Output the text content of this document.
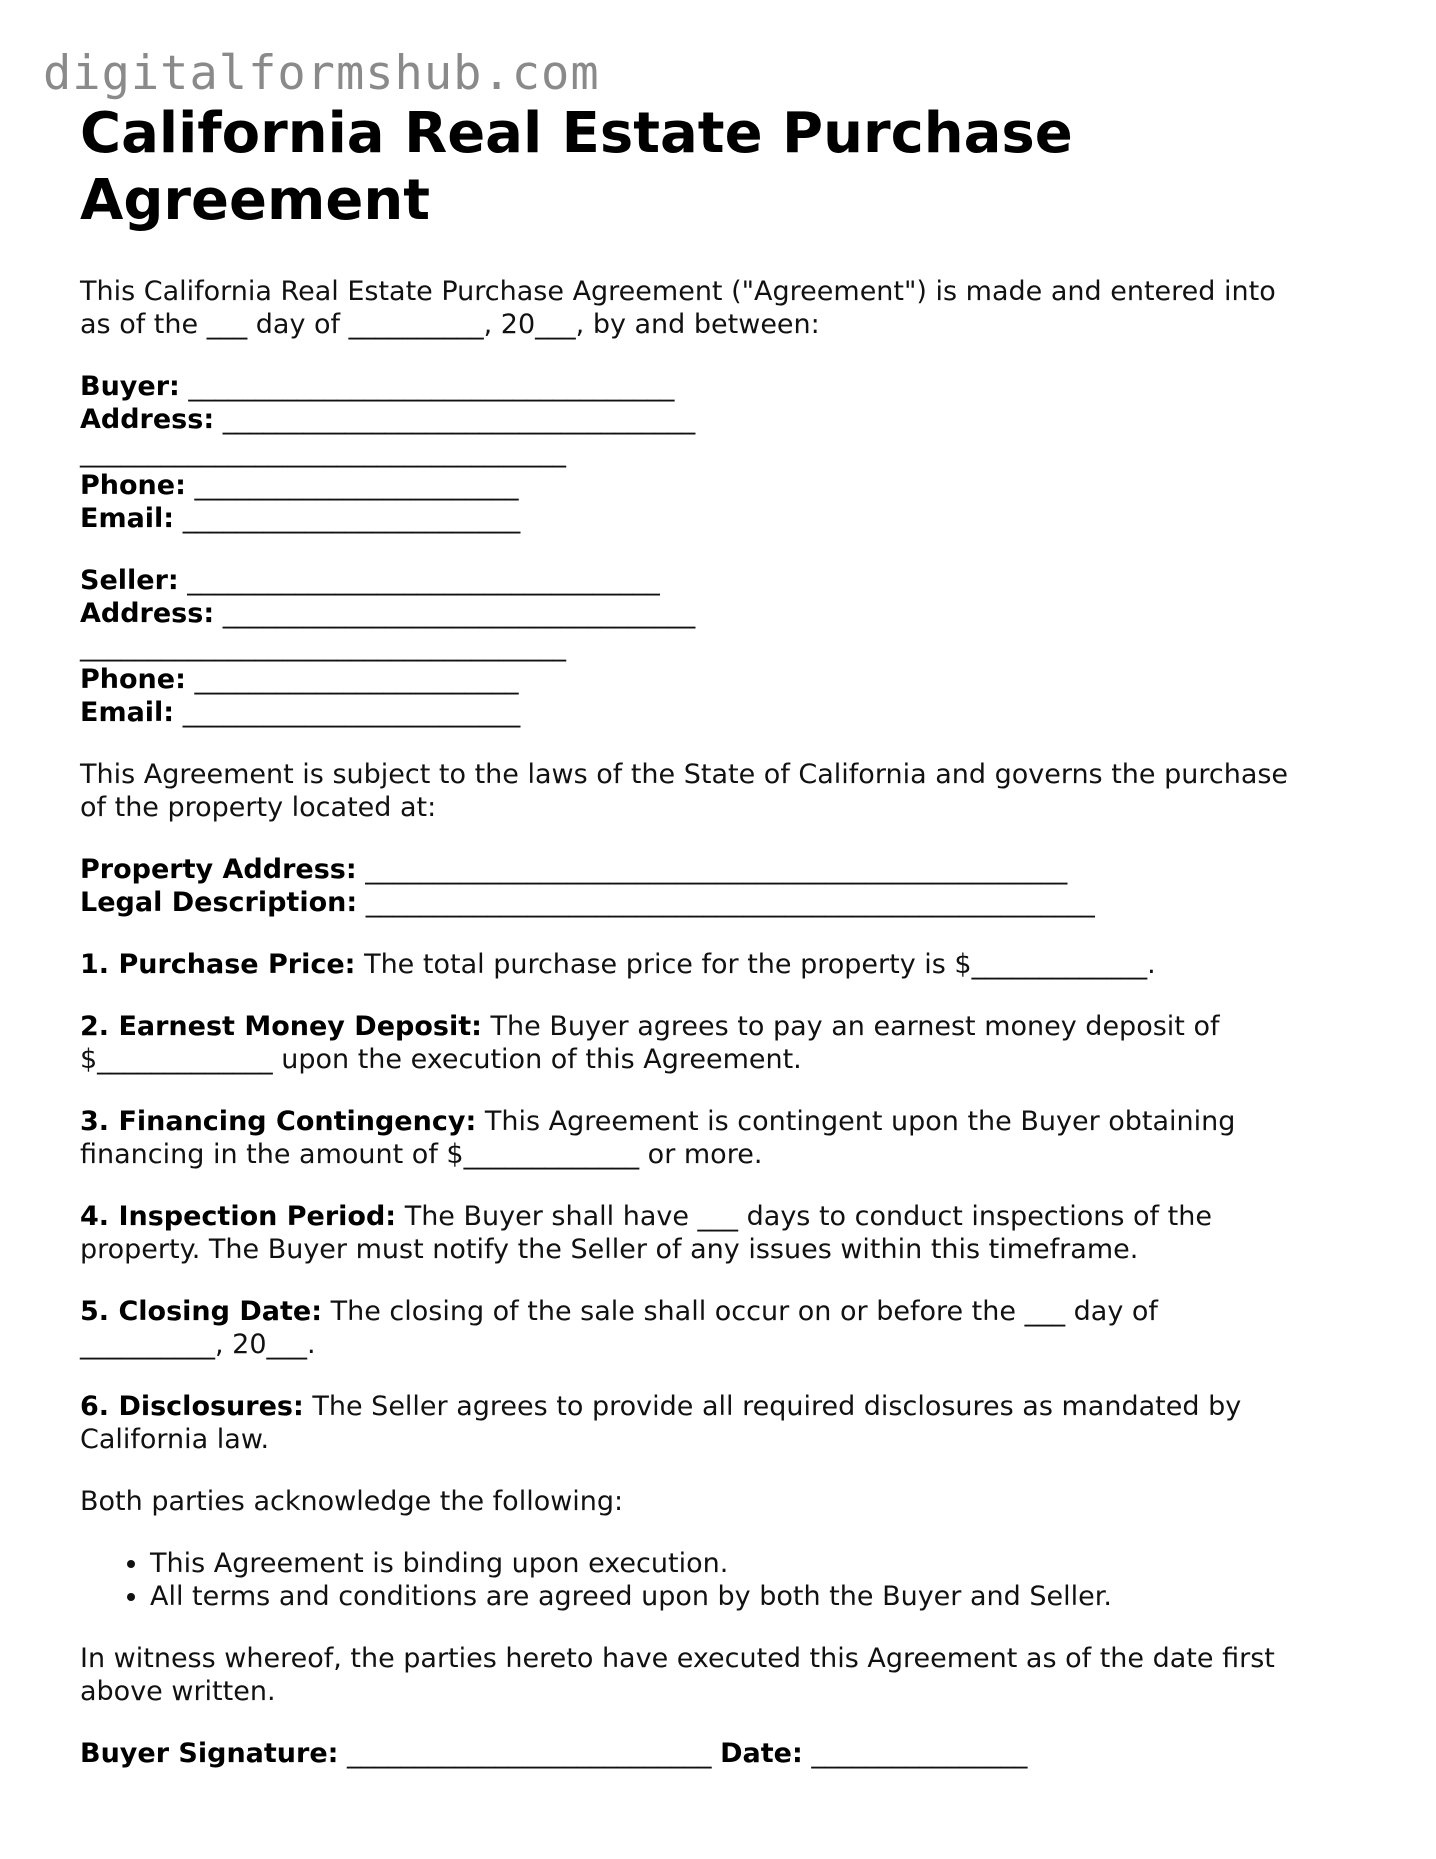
digitalformshub.com
California Real Estate Purchase
Agreement
This California Real Estate Purchase Agreement ("Agreement") is made and entered into
as of the ___ day of __________, 20___, by and between:
Buyer: ____________________________________
Address: ___________________________________
____________________________________
Phone: ________________________
Email: _________________________
Seller: ___________________________________
Address: ___________________________________
____________________________________
Phone: ________________________
Email: _________________________
This Agreement is subject to the laws of the State of California and governs the purchase
of the property located at:
Property Address: ____________________________________________________
Legal Description: ______________________________________________________
1. Purchase Price: The total purchase price for the property is $_____________.
2. Earnest Money Deposit: The Buyer agrees to pay an earnest money deposit of
$_____________ upon the execution of this Agreement.
3. Financing Contingency: This Agreement is contingent upon the Buyer obtaining
financing in the amount of $_____________ or more.
4. Inspection Period: The Buyer shall have ___ days to conduct inspections of the
property. The Buyer must notify the Seller of any issues within this timeframe.
5. Closing Date: The closing of the sale shall occur on or before the ___ day of
__________, 20___.
6. Disclosures: The Seller agrees to provide all required disclosures as mandated by
California law.
Both parties acknowledge the following:
• This Agreement is binding upon execution.
• All terms and conditions are agreed upon by both the Buyer and Seller.
In witness whereof, the parties hereto have executed this Agreement as of the date first
above written.
Buyer Signature: ___________________________ Date: ________________
